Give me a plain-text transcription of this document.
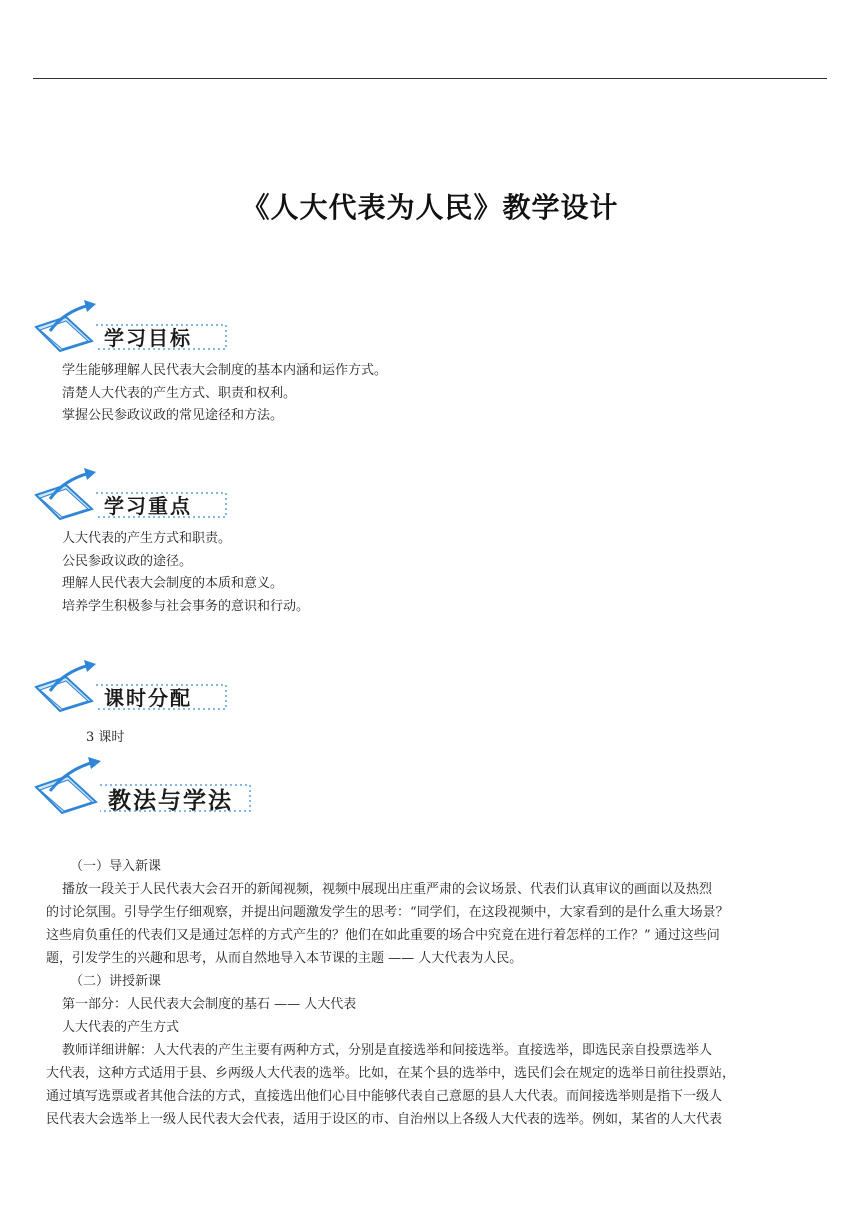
《人大代表为人民》教学设计
学习目标
学生能够理解人民代表大会制度的基本内涵和运作方式。
清楚人大代表的产生方式、职责和权利。
掌握公民参政议政的常见途径和方法。
学习重点
人大代表的产生方式和职责。
公民参政议政的途径。
理解人民代表大会制度的本质和意义。
培养学生积极参与社会事务的意识和行动。
课时分配
3 课时
教法与学法

（一）导入新课

播放一段关于人民代表大会召开的新闻视频，视频中展现出庄重严肃的会议场景、代表们认真审议的画面以及热烈

的讨论氛围。引导学生仔细观察，并提出问题激发学生的思考：“同学们，在这段视频中，大家看到的是什么重大场景？

这些肩负重任的代表们又是通过怎样的方式产生的？他们在如此重要的场合中究竟在进行着怎样的工作？” 通过这些问

题，引发学生的兴趣和思考，从而自然地导入本节课的主题 —— 人大代表为人民。

（二）讲授新课

第一部分：人民代表大会制度的基石 —— 人大代表

人大代表的产生方式

教师详细讲解：人大代表的产生主要有两种方式，分别是直接选举和间接选举。直接选举，即选民亲自投票选举人

大代表，这种方式适用于县、乡两级人大代表的选举。比如，在某个县的选举中，选民们会在规定的选举日前往投票站，

通过填写选票或者其他合法的方式，直接选出他们心目中能够代表自己意愿的县人大代表。而间接选举则是指下一级人

民代表大会选举上一级人民代表大会代表，适用于设区的市、自治州以上各级人大代表的选举。例如，某省的人大代表
